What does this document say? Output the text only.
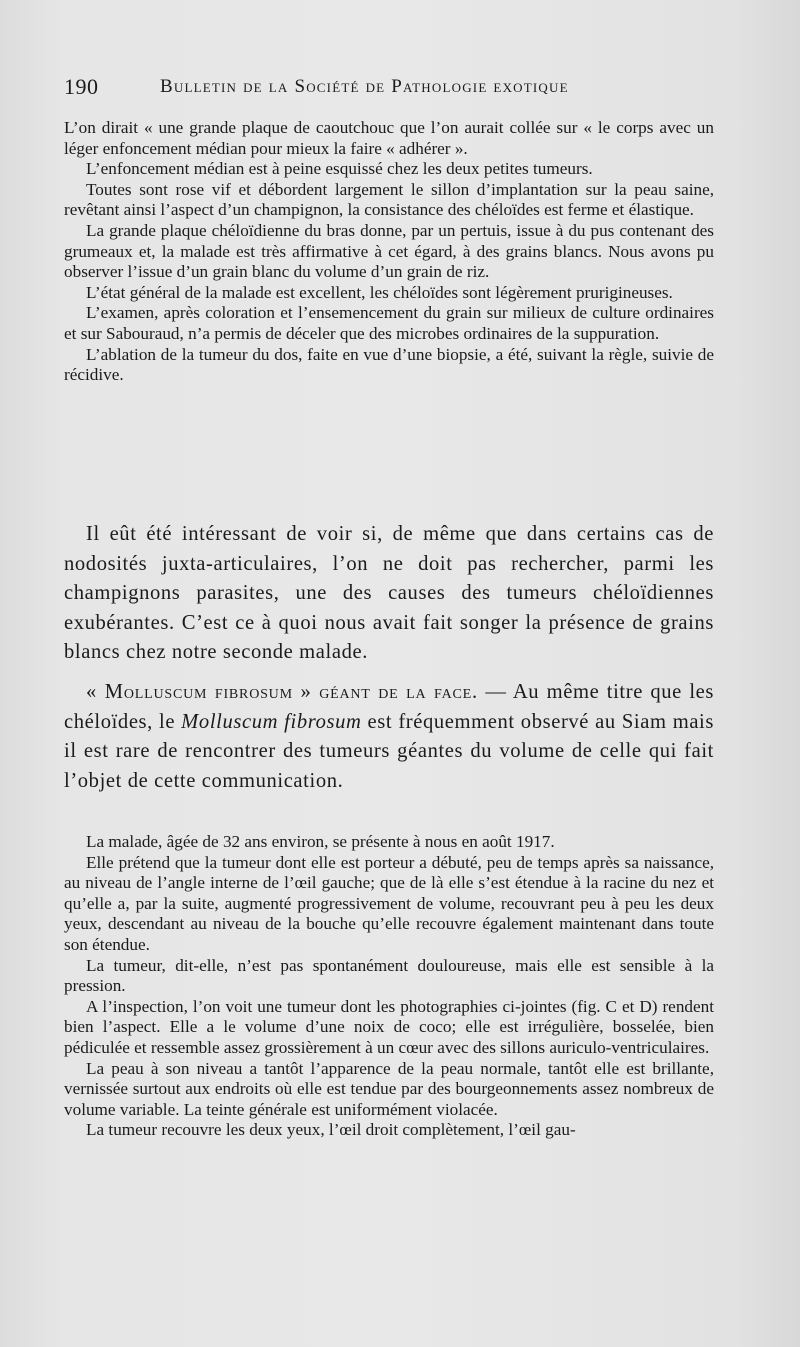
190	Bulletin de la Société de Pathologie exotique

L’on dirait « une grande plaque de caoutchouc que l’on aurait collée sur « le corps avec un léger enfoncement médian pour mieux la faire « adhérer ».

L’enfoncement médian est à peine esquissé chez les deux petites tumeurs.

Toutes sont rose vif et débordent largement le sillon d’implantation sur la peau saine, revêtant ainsi l’aspect d’un champignon, la consistance des chéloïdes est ferme et élastique.

La grande plaque chéloïdienne du bras donne, par un pertuis, issue à du pus contenant des grumeaux et, la malade est très affirmative à cet égard, à des grains blancs. Nous avons pu observer l’issue d’un grain blanc du volume d’un grain de riz.

L’état général de la malade est excellent, les chéloïdes sont légèrement prurigineuses.

L’examen, après coloration et l’ensemencement du grain sur milieux de culture ordinaires et sur Sabouraud, n’a permis de déceler que des microbes ordinaires de la suppuration.

L’ablation de la tumeur du dos, faite en vue d’une biopsie, a été, suivant la règle, suivie de récidive.

Il eût été intéressant de voir si, de même que dans certains cas de nodosités juxta-articulaires, l’on ne doit pas rechercher, parmi les champignons parasites, une des causes des tumeurs chéloïdiennes exubérantes. C’est ce à quoi nous avait fait songer la présence de grains blancs chez notre seconde malade.

« Molluscum fibrosum » géant de la face. — Au même titre que les chéloïdes, le Molluscum fibrosum est fréquemment observé au Siam mais il est rare de rencontrer des tumeurs géantes du volume de celle qui fait l’objet de cette communication.

La malade, âgée de 32 ans environ, se présente à nous en août 1917.

Elle prétend que la tumeur dont elle est porteur a débuté, peu de temps après sa naissance, au niveau de l’angle interne de l’œil gauche; que de là elle s’est étendue à la racine du nez et qu’elle a, par la suite, augmenté progressivement de volume, recouvrant peu à peu les deux yeux, descendant au niveau de la bouche qu’elle recouvre également maintenant dans toute son étendue.

La tumeur, dit-elle, n’est pas spontanément douloureuse, mais elle est sensible à la pression.

A l’inspection, l’on voit une tumeur dont les photographies ci-jointes (fig. C et D) rendent bien l’aspect. Elle a le volume d’une noix de coco; elle est irrégulière, bosselée, bien pédiculée et ressemble assez grossièrement à un cœur avec des sillons auriculo-ventriculaires.

La peau à son niveau a tantôt l’apparence de la peau normale, tantôt elle est brillante, vernissée surtout aux endroits où elle est tendue par des bourgeonnements assez nombreux de volume variable. La teinte générale est uniformément violacée.

La tumeur recouvre les deux yeux, l’œil droit complètement, l’œil gau-
